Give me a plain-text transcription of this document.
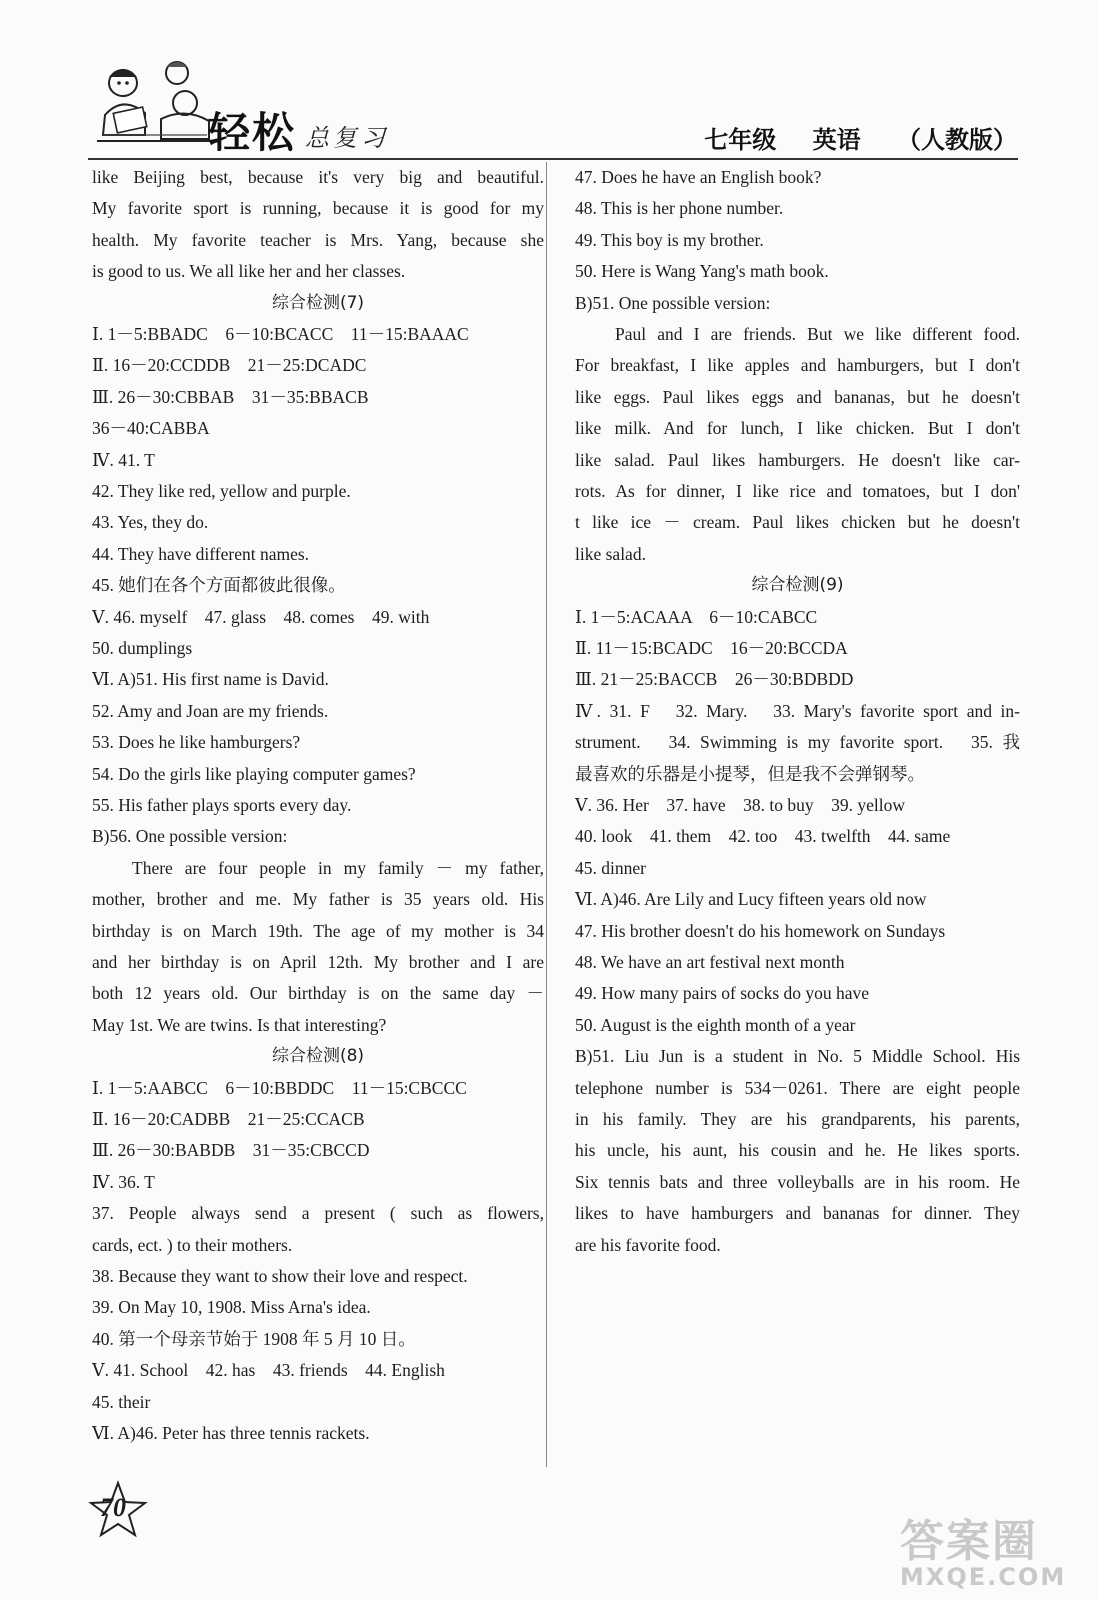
轻松 总复习	七年级 英语 （人教版）
like Beijing best, because it's very big and beautiful.
My favorite sport is running, because it is good for my
health. My favorite teacher is Mrs. Yang, because she
is good to us. We all like her and her classes.
综合检测(7)
Ⅰ. 1－5:BBADC　6－10:BCACC　11－15:BAAAC
Ⅱ. 16－20:CCDDB　21－25:DCADC
Ⅲ. 26－30:CBBAB　31－35:BBACB
36－40:CABBA
Ⅳ. 41. T
42. They like red, yellow and purple.
43. Yes, they do.
44. They have different names.
45. 她们在各个方面都彼此很像。
Ⅴ. 46. myself　47. glass　48. comes　49. with
50. dumplings
Ⅵ. A)51. His first name is David.
52. Amy and Joan are my friends.
53. Does he like hamburgers?
54. Do the girls like playing computer games?
55. His father plays sports every day.
B)56. One possible version:
There are four people in my family － my father,
mother, brother and me. My father is 35 years old. His
birthday is on March 19th. The age of my mother is 34
and her birthday is on April 12th. My brother and I are
both 12 years old. Our birthday is on the same day －
May 1st. We are twins. Is that interesting?
综合检测(8)
Ⅰ. 1－5:AABCC　6－10:BBDDC　11－15:CBCCC
Ⅱ. 16－20:CADBB　21－25:CCACB
Ⅲ. 26－30:BABDB　31－35:CBCCD
Ⅳ. 36. T
37. People always send a present ( such as flowers,
cards, ect. ) to their mothers.
38. Because they want to show their love and respect.
39. On May 10, 1908. Miss Arna's idea.
40. 第一个母亲节始于 1908 年 5 月 10 日。
Ⅴ. 41. School　42. has　43. friends　44. English
45. their
Ⅵ. A)46. Peter has three tennis rackets.
47. Does he have an English book?
48. This is her phone number.
49. This boy is my brother.
50. Here is Wang Yang's math book.
B)51. One possible version:
Paul and I are friends. But we like different food.
For breakfast, I like apples and hamburgers, but I don't
like eggs. Paul likes eggs and bananas, but he doesn't
like milk. And for lunch, I like chicken. But I don't
like salad. Paul likes hamburgers. He doesn't like car-
rots. As for dinner, I like rice and tomatoes, but I don'
t like ice － cream. Paul likes chicken but he doesn't
like salad.
综合检测(9)
Ⅰ. 1－5:ACAAA　6－10:CABCC
Ⅱ. 11－15:BCADC　16－20:BCCDA
Ⅲ. 21－25:BACCB　26－30:BDBDD
Ⅳ. 31. F　32. Mary.　33. Mary's favorite sport and in-
strument.　34. Swimming is my favorite sport.　35. 我
最喜欢的乐器是小提琴，但是我不会弹钢琴。
Ⅴ. 36. Her　37. have　38. to buy　39. yellow
40. look　41. them　42. too　43. twelfth　44. same
45. dinner
Ⅵ. A)46. Are Lily and Lucy fifteen years old now
47. His brother doesn't do his homework on Sundays
48. We have an art festival next month
49. How many pairs of socks do you have
50. August is the eighth month of a year
B)51. Liu Jun is a student in No. 5 Middle School. His
telephone number is 534－0261. There are eight people
in his family. They are his grandparents, his parents,
his uncle, his aunt, his cousin and he. He likes sports.
Six tennis bats and three volleyballs are in his room. He
likes to have hamburgers and bananas for dinner. They
are his favorite food.
70
答案圈
MXQE.COM
